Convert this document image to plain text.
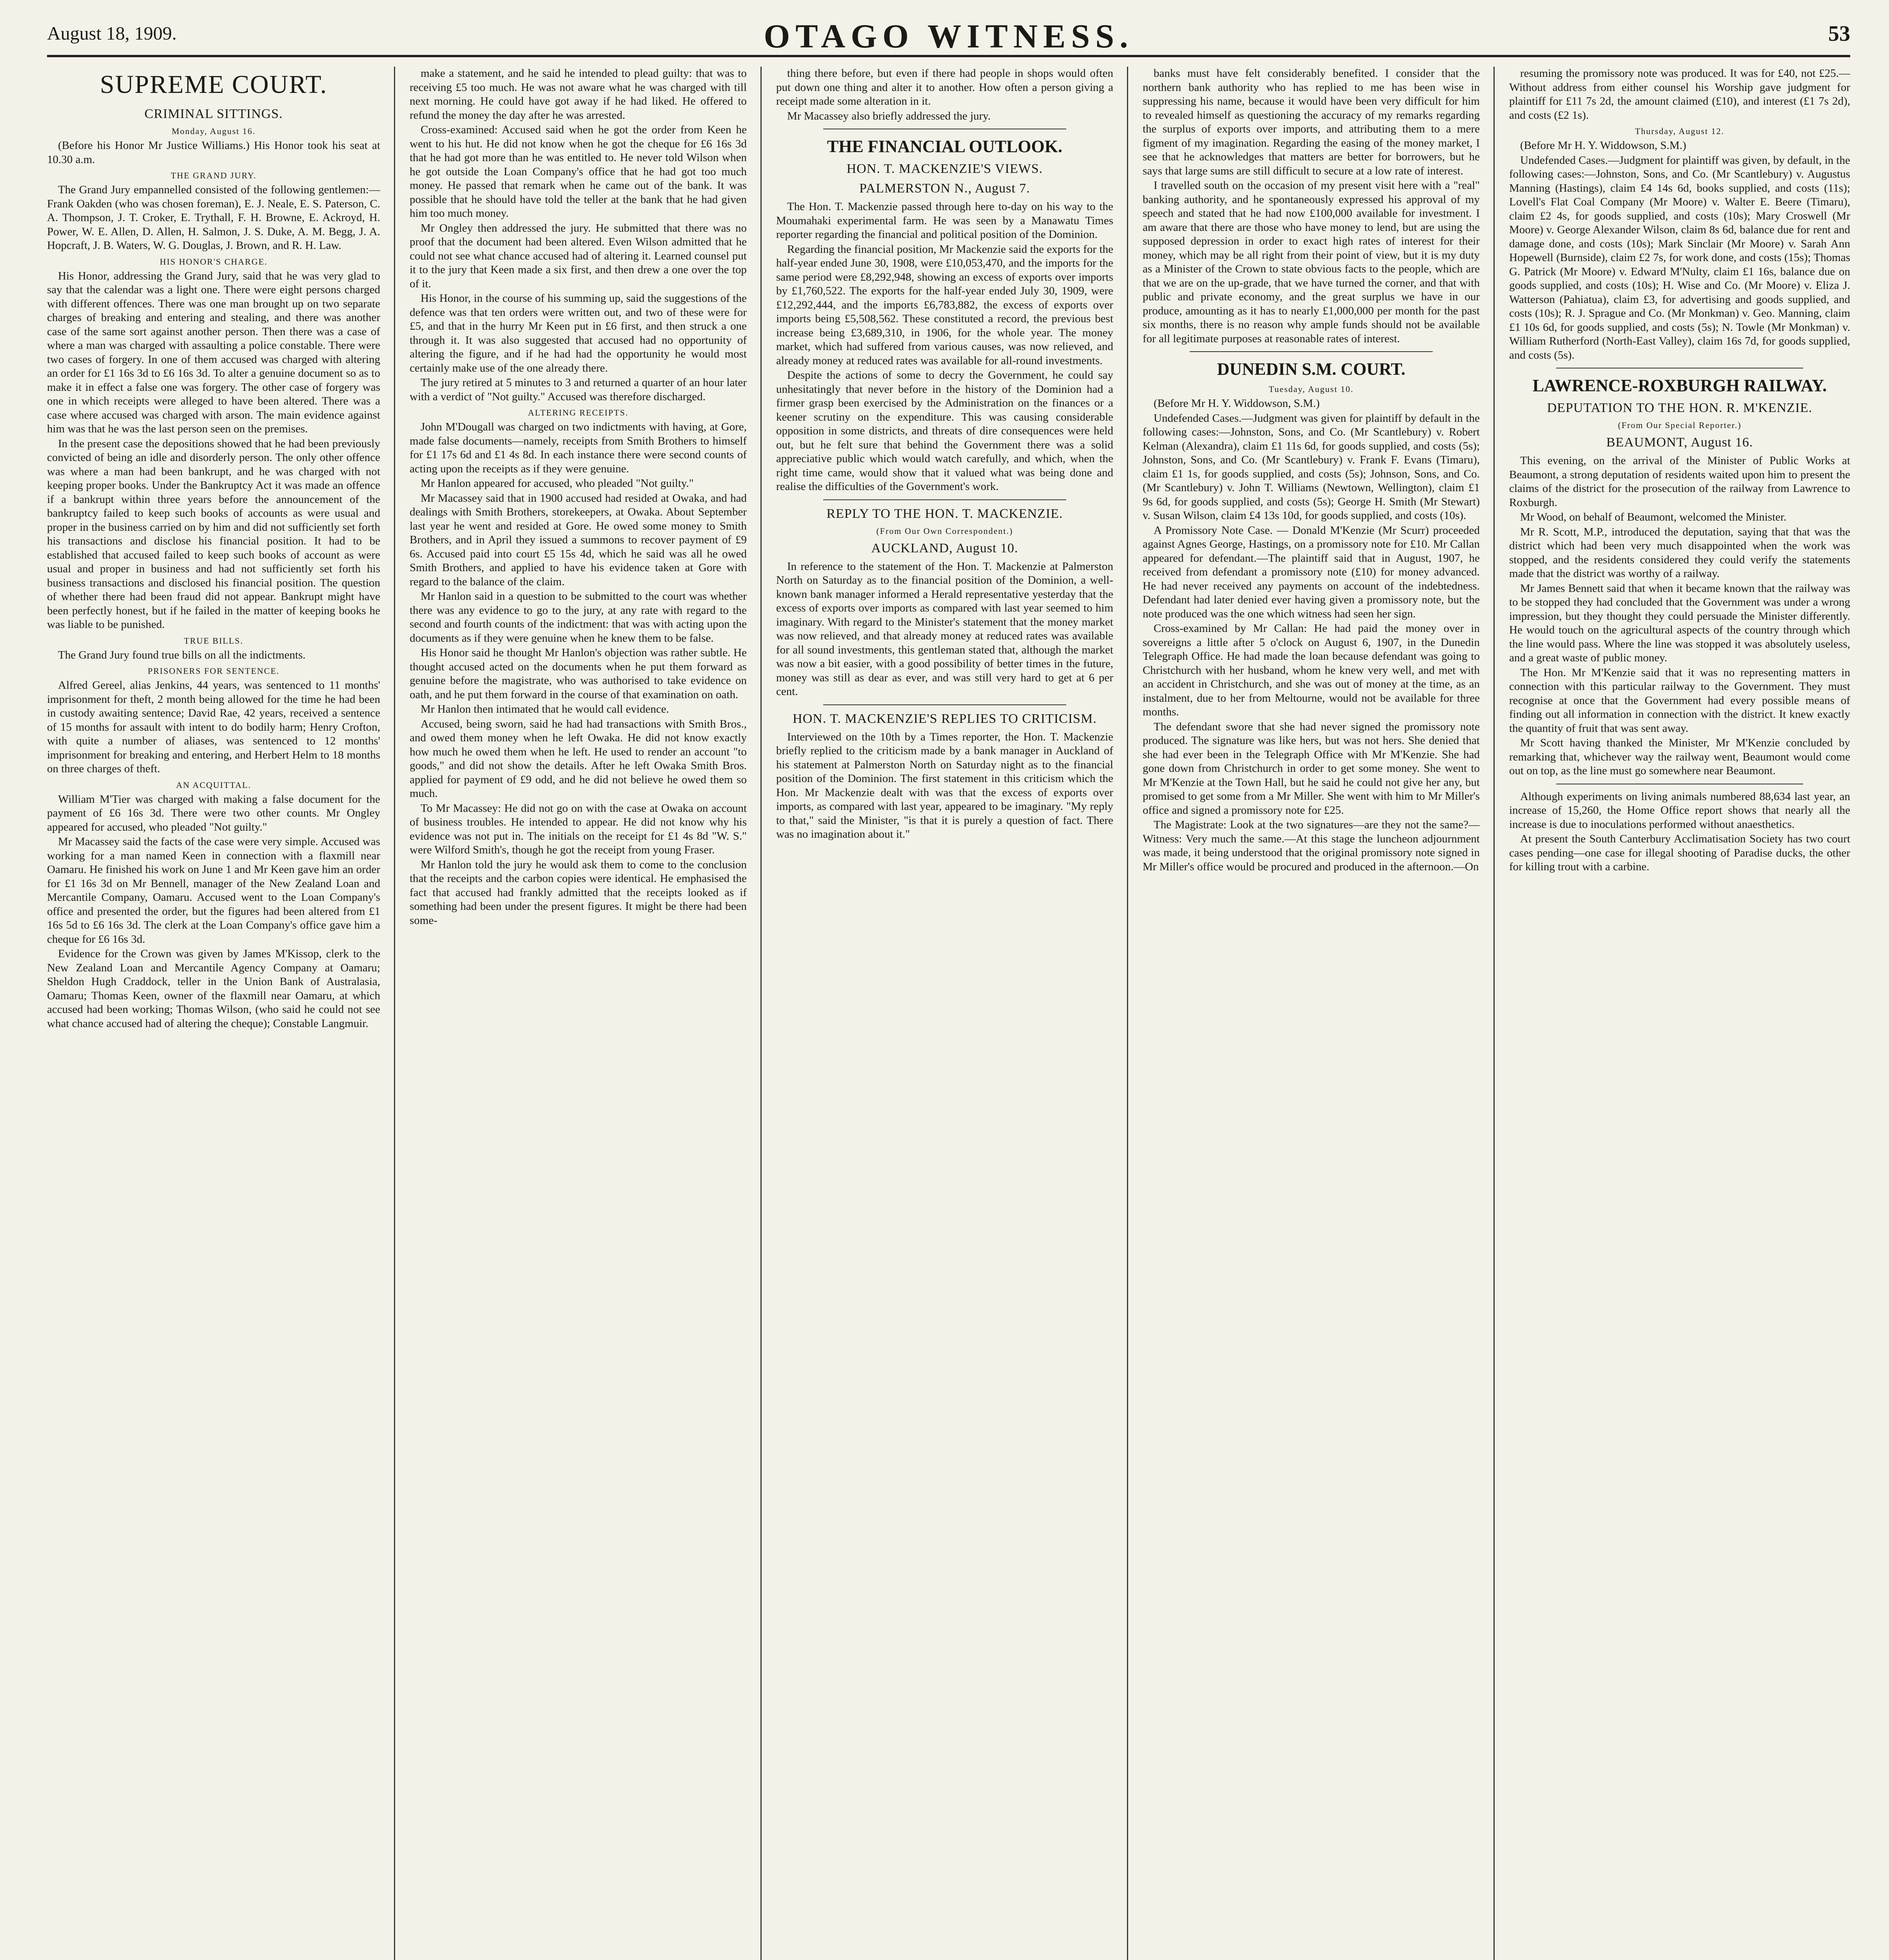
August 18, 1909.	OTAGO WITNESS.	53
SUPREME COURT.
CRIMINAL SITTINGS.
Monday, August 16.

(Before his Honor Mr Justice Williams.) His Honor took his seat at 10.30 a.m.

THE GRAND JURY.

The Grand Jury empannelled consisted of the following gentlemen:—Frank Oakden (who was chosen foreman), E. J. Neale, E. S. Paterson, C. A. Thompson, J. T. Croker, E. Trythall, F. H. Browne, E. Ackroyd, H. Power, W. E. Allen, D. Allen, H. Salmon, J. S. Duke, A. M. Begg, J. A. Hopcraft, J. B. Waters, W. G. Douglas, J. Brown, and R. H. Law.

HIS HONOR'S CHARGE.

His Honor, addressing the Grand Jury, said that he was very glad to say that the calendar was a light one. There were eight persons charged with different offences. There was one man brought up on two separate charges of breaking and entering and stealing, and there was another case of the same sort against another person. Then there was a case of where a man was charged with assaulting a police constable. There were two cases of forgery. In one of them accused was charged with altering an order for £1 16s 3d to £6 16s 3d. To alter a genuine document so as to make it in effect a false one was forgery. The other case of forgery was one in which receipts were alleged to have been altered. There was a case where accused was charged with arson. The main evidence against him was that he was the last person seen on the premises.

In the present case the depositions showed that he had been previously convicted of being an idle and disorderly person. The only other offence was where a man had been bankrupt, and he was charged with not keeping proper books. Under the Bankruptcy Act it was made an offence if a bankrupt within three years before the announcement of the bankruptcy failed to keep such books of accounts as were usual and proper in the business carried on by him and did not sufficiently set forth his transactions and disclose his financial position. It had to be established that accused failed to keep such books of account as were usual and proper in business and had not sufficiently set forth his business transactions and disclosed his financial position. The question of whether there had been fraud did not appear. Bankrupt might have been perfectly honest, but if he failed in the matter of keeping books he was liable to be punished.

TRUE BILLS.

The Grand Jury found true bills on all the indictments.

PRISONERS FOR SENTENCE.

Alfred Gereel, alias Jenkins, 44 years, was sentenced to 11 months' imprisonment for theft, 2 month being allowed for the time he had been in custody awaiting sentence; David Rae, 42 years, received a sentence of 15 months for assault with intent to do bodily harm; Henry Crofton, with quite a number of aliases, was sentenced to 12 months' imprisonment for breaking and entering, and Herbert Helm to 18 months on three charges of theft.

AN ACQUITTAL.

William M'Tier was charged with making a false document for the payment of £6 16s 3d. There were two other counts. Mr Ongley appeared for accused, who pleaded "Not guilty."

Mr Macassey said the facts of the case were very simple. Accused was working for a man named Keen in connection with a flaxmill near Oamaru. He finished his work on June 1 and Mr Keen gave him an order for £1 16s 3d on Mr Bennell, manager of the New Zealand Loan and Mercantile Company, Oamaru. Accused went to the Loan Company's office and presented the order, but the figures had been altered from £1 16s 5d to £6 16s 3d. The clerk at the Loan Company's office gave him a cheque for £6 16s 3d.

Evidence for the Crown was given by James M'Kissop, clerk to the New Zealand Loan and Mercantile Agency Company at Oamaru; Sheldon Hugh Craddock, teller in the Union Bank of Australasia, Oamaru; Thomas Keen, owner of the flaxmill near Oamaru, at which accused had been working; Thomas Wilson, (who said he could not see what chance accused had of altering the cheque); Constable Langmuir.

make a statement, and he said he intended to plead guilty: that was to receiving £5 too much. He was not aware what he was charged with till next morning. He could have got away if he had liked. He offered to refund the money the day after he was arrested.

Cross-examined: Accused said when he got the order from Keen he went to his hut. He did not know when he got the cheque for £6 16s 3d that he had got more than he was entitled to. He never told Wilson when he got outside the Loan Company's office that he had got too much money. He passed that remark when he came out of the bank. It was possible that he should have told the teller at the bank that he had given him too much money.

Mr Ongley then addressed the jury. He submitted that there was no proof that the document had been altered. Even Wilson admitted that he could not see what chance accused had of altering it. Learned counsel put it to the jury that Keen made a six first, and then drew a one over the top of it.

His Honor, in the course of his summing up, said the suggestions of the defence was that ten orders were written out, and two of these were for £5, and that in the hurry Mr Keen put in £6 first, and then struck a one through it. It was also suggested that accused had no opportunity of altering the figure, and if he had had the opportunity he would most certainly make use of the one already there.

The jury retired at 5 minutes to 3 and returned a quarter of an hour later with a verdict of "Not guilty." Accused was therefore discharged.

ALTERING RECEIPTS.

John M'Dougall was charged on two indictments with having, at Gore, made false documents—namely, receipts from Smith Brothers to himself for £1 17s 6d and £1 4s 8d. In each instance there were second counts of acting upon the receipts as if they were genuine.

Mr Hanlon appeared for accused, who pleaded "Not guilty."

Mr Macassey said that in 1900 accused had resided at Owaka, and had dealings with Smith Brothers, storekeepers, at Owaka. About September last year he went and resided at Gore. He owed some money to Smith Brothers, and in April they issued a summons to recover payment of £9 6s. Accused paid into court £5 15s 4d, which he said was all he owed Smith Brothers, and applied to have his evidence taken at Gore with regard to the balance of the claim.

Mr Hanlon said in a question to be submitted to the court was whether there was any evidence to go to the jury, at any rate with regard to the second and fourth counts of the indictment: that was with acting upon the documents as if they were genuine when he knew them to be false.

His Honor said he thought Mr Hanlon's objection was rather subtle. He thought accused acted on the documents when he put them forward as genuine before the magistrate, who was authorised to take evidence on oath, and he put them forward in the course of that examination on oath.

Mr Hanlon then intimated that he would call evidence.

Accused, being sworn, said he had had transactions with Smith Bros., and owed them money when he left Owaka. He did not know exactly how much he owed them when he left. He used to render an account "to goods," and did not show the details. After he left Owaka Smith Bros. applied for payment of £9 odd, and he did not believe he owed them so much.

To Mr Macassey: He did not go on with the case at Owaka on account of business troubles. He intended to appear. He did not know why his evidence was not put in. The initials on the receipt for £1 4s 8d "W. S." were Wilford Smith's, though he got the receipt from young Fraser.

Mr Hanlon told the jury he would ask them to come to the conclusion that the receipts and the carbon copies were identical. He emphasised the fact that accused had frankly admitted that the receipts looked as if something had been under the present figures. It might be there had been some-

thing there before, but even if there had people in shops would often put down one thing and alter it to another. How often a person giving a receipt made some alteration in it.

Mr Macassey also briefly addressed the jury.

THE FINANCIAL OUTLOOK.
HON. T. MACKENZIE'S VIEWS.
PALMERSTON N., August 7.

The Hon. T. Mackenzie passed through here to-day on his way to the Moumahaki experimental farm. He was seen by a Manawatu Times reporter regarding the financial and political position of the Dominion.

Regarding the financial position, Mr Mackenzie said the exports for the half-year ended June 30, 1908, were £10,053,470, and the imports for the same period were £8,292,948, showing an excess of exports over imports by £1,760,522. The exports for the half-year ended July 30, 1909, were £12,292,444, and the imports £6,783,882, the excess of exports over imports being £5,508,562. These constituted a record, the previous best increase being £3,689,310, in 1906, for the whole year. The money market, which had suffered from various causes, was now relieved, and already money at reduced rates was available for all-round investments.

Despite the actions of some to decry the Government, he could say unhesitatingly that never before in the history of the Dominion had a firmer grasp been exercised by the Administration on the finances or a keener scrutiny on the expenditure. This was causing considerable opposition in some districts, and threats of dire consequences were held out, but he felt sure that behind the Government there was a solid appreciative public which would watch carefully, and which, when the right time came, would show that it valued what was being done and realise the difficulties of the Government's work.

REPLY TO THE HON. T. MACKENZIE.
(From Our Own Correspondent.)
AUCKLAND, August 10.

In reference to the statement of the Hon. T. Mackenzie at Palmerston North on Saturday as to the financial position of the Dominion, a well-known bank manager informed a Herald representative yesterday that the excess of exports over imports as compared with last year seemed to him imaginary. With regard to the Minister's statement that the money market was now relieved, and that already money at reduced rates was available for all sound investments, this gentleman stated that, although the market was now a bit easier, with a good possibility of better times in the future, money was still as dear as ever, and was still very hard to get at 6 per cent.

HON. T. MACKENZIE'S REPLIES TO CRITICISM.

Interviewed on the 10th by a Times reporter, the Hon. T. Mackenzie briefly replied to the criticism made by a bank manager in Auckland of his statement at Palmerston North on Saturday night as to the financial position of the Dominion. The first statement in this criticism which the Hon. Mr Mackenzie dealt with was that the excess of exports over imports, as compared with last year, appeared to be imaginary. "My reply to that," said the Minister, "is that it is purely a question of fact. There was no imagination about it."

banks must have felt considerably benefited. I consider that the northern bank authority who has replied to me has been wise in suppressing his name, because it would have been very difficult for him to revealed himself as questioning the accuracy of my remarks regarding the surplus of exports over imports, and attributing them to a mere figment of my imagination. Regarding the easing of the money market, I see that he acknowledges that matters are better for borrowers, but he says that large sums are still difficult to secure at a low rate of interest.

I travelled south on the occasion of my present visit here with a "real" banking authority, and he spontaneously expressed his approval of my speech and stated that he had now £100,000 available for investment. I am aware that there are those who have money to lend, but are using the supposed depression in order to exact high rates of interest for their money, which may be all right from their point of view, but it is my duty as a Minister of the Crown to state obvious facts to the people, which are that we are on the up-grade, that we have turned the corner, and that with public and private economy, and the great surplus we have in our produce, amounting as it has to nearly £1,000,000 per month for the past six months, there is no reason why ample funds should not be available for all legitimate purposes at reasonable rates of interest.

DUNEDIN S.M. COURT.
Tuesday, August 10.

(Before Mr H. Y. Widdowson, S.M.)

Undefended Cases.—Judgment was given for plaintiff by default in the following cases:—Johnston, Sons, and Co. (Mr Scantlebury) v. Robert Kelman (Alexandra), claim £1 11s 6d, for goods supplied, and costs (5s); Johnston, Sons, and Co. (Mr Scantlebury) v. Frank F. Evans (Timaru), claim £1 1s, for goods supplied, and costs (5s); Johnson, Sons, and Co. (Mr Scantlebury) v. John T. Williams (Newtown, Wellington), claim £1 9s 6d, for goods supplied, and costs (5s); George H. Smith (Mr Stewart) v. Susan Wilson, claim £4 13s 10d, for goods supplied, and costs (10s).

A Promissory Note Case. — Donald M'Kenzie (Mr Scurr) proceeded against Agnes George, Hastings, on a promissory note for £10. Mr Callan appeared for defendant.—The plaintiff said that in August, 1907, he received from defendant a promissory note (£10) for money advanced. He had never received any payments on account of the indebtedness. Defendant had later denied ever having given a promissory note, but the note produced was the one which witness had seen her sign.

Cross-examined by Mr Callan: He had paid the money over in sovereigns a little after 5 o'clock on August 6, 1907, in the Dunedin Telegraph Office. He had made the loan because defendant was going to Christchurch with her husband, whom he knew very well, and met with an accident in Christchurch, and she was out of money at the time, as an instalment, due to her from Meltourne, would not be available for three months.

The defendant swore that she had never signed the promissory note produced. The signature was like hers, but was not hers. She denied that she had ever been in the Telegraph Office with Mr M'Kenzie. She had gone down from Christchurch in order to get some money. She went to Mr M'Kenzie at the Town Hall, but he said he could not give her any, but promised to get some from a Mr Miller. She went with him to Mr Miller's office and signed a promissory note for £25.

The Magistrate: Look at the two signatures—are they not the same?—Witness: Very much the same.—At this stage the luncheon adjournment was made, it being understood that the original promissory note signed in Mr Miller's office would be procured and produced in the afternoon.—On

resuming the promissory note was produced. It was for £40, not £25.—Without address from either counsel his Worship gave judgment for plaintiff for £11 7s 2d, the amount claimed (£10), and interest (£1 7s 2d), and costs (£2 1s).

Thursday, August 12.

(Before Mr H. Y. Widdowson, S.M.)

Undefended Cases.—Judgment for plaintiff was given, by default, in the following cases:—Johnston, Sons, and Co. (Mr Scantlebury) v. Augustus Manning (Hastings), claim £4 14s 6d, books supplied, and costs (11s); Lovell's Flat Coal Company (Mr Moore) v. Walter E. Beere (Timaru), claim £2 4s, for goods supplied, and costs (10s); Mary Croswell (Mr Moore) v. George Alexander Wilson, claim 8s 6d, balance due for rent and damage done, and costs (10s); Mark Sinclair (Mr Moore) v. Sarah Ann Hopewell (Burnside), claim £2 7s, for work done, and costs (15s); Thomas G. Patrick (Mr Moore) v. Edward M'Nulty, claim £1 16s, balance due on goods supplied, and costs (10s); H. Wise and Co. (Mr Moore) v. Eliza J. Watterson (Pahiatua), claim £3, for advertising and goods supplied, and costs (10s); R. J. Sprague and Co. (Mr Monkman) v. Geo. Manning, claim £1 10s 6d, for goods supplied, and costs (5s); N. Towle (Mr Monkman) v. William Rutherford (North-East Valley), claim 16s 7d, for goods supplied, and costs (5s).

LAWRENCE-ROXBURGH RAILWAY.
DEPUTATION TO THE HON. R. M'KENZIE.
(From Our Special Reporter.)
BEAUMONT, August 16.

This evening, on the arrival of the Minister of Public Works at Beaumont, a strong deputation of residents waited upon him to present the claims of the district for the prosecution of the railway from Lawrence to Roxburgh.

Mr Wood, on behalf of Beaumont, welcomed the Minister.

Mr R. Scott, M.P., introduced the deputation, saying that that was the district which had been very much disappointed when the work was stopped, and the residents considered they could verify the statements made that the district was worthy of a railway.

Mr James Bennett said that when it became known that the railway was to be stopped they had concluded that the Government was under a wrong impression, but they thought they could persuade the Minister differently. He would touch on the agricultural aspects of the country through which the line would pass. Where the line was stopped it was absolutely useless, and a great waste of public money.

The Hon. Mr M'Kenzie said that it was no representing matters in connection with this particular railway to the Government. They must recognise at once that the Government had every possible means of finding out all information in connection with the district. It knew exactly the quantity of fruit that was sent away.

Mr Scott having thanked the Minister, Mr M'Kenzie concluded by remarking that, whichever way the railway went, Beaumont would come out on top, as the line must go somewhere near Beaumont.

Although experiments on living animals numbered 88,634 last year, an increase of 15,260, the Home Office report shows that nearly all the increase is due to inoculations performed without anaesthetics.

At present the South Canterbury Acclimatisation Society has two court cases pending—one case for illegal shooting of Paradise ducks, the other for killing trout with a carbine.
